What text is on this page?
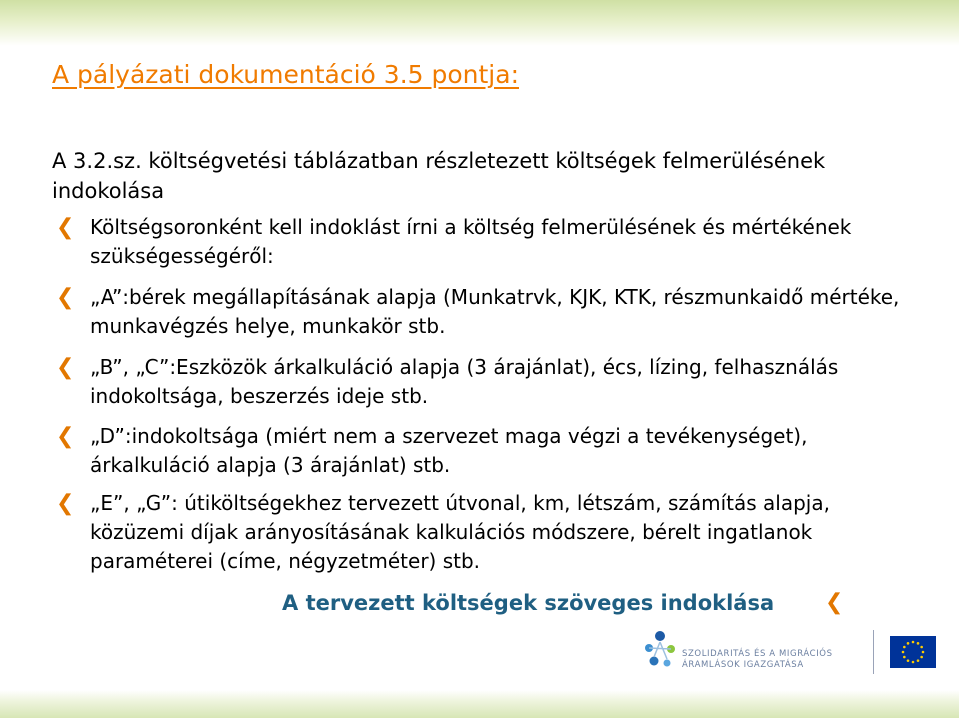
A pályázati dokumentáció 3.5 pontja:
A 3.2.sz. költségvetési táblázatban részletezett költségek felmerülésének indokolása
❮ Költségsoronként kell indoklást írni a költség felmerülésének és mértékének szükségességéről:
❮ „A”:bérek megállapításának alapja (Munkatrvk, KJK, KTK, részmunkaidő mértéke, munkavégzés helye, munkakör stb.
❮ „B”, „C”:Eszközök árkalkuláció alapja (3 árajánlat), écs, lízing, felhasználás indokoltsága, beszerzés ideje stb.
❮ „D”:indokoltsága (miért nem a szervezet maga végzi a tevékenységet), árkalkuláció alapja (3 árajánlat) stb.
❮ „E”, „G”: útiköltségekhez tervezett útvonal, km, létszám, számítás alapja, közüzemi díjak arányosításának kalkulációs módszere, bérelt ingatlanok paraméterei (címe, négyzetméter) stb.
A tervezett költségek szöveges indoklása ❮
SZOLIDARITÁS ÉS A MIGRÁCIÓS
ÁRAMLÁSOK IGAZGATÁSA
